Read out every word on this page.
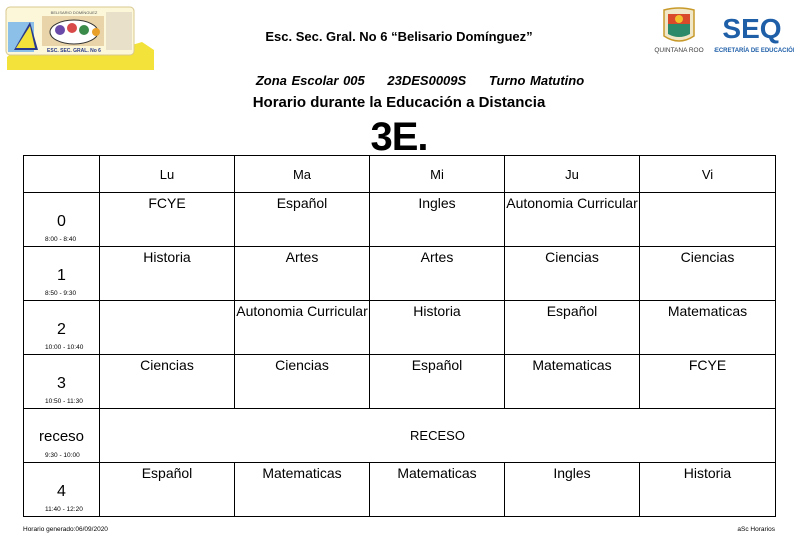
ESC. SEC. GRAL. No 6
BELISARIO DOMÍNGUEZ
QUINTANA ROO
SEQ
SECRETARÍA DE EDUCACIÓN
Esc. Sec. Gral. No 6 “Belisario Domínguez”
Zona Escolar 005 23DES0009S Turno Matutino
Horario durante la Educación a Distancia
3E.
	Lu	Ma	Mi	Ju	Vi

0
8:00 - 8:40	FCYE	Español	Ingles	Autonomia Curricular	

1
8:50 - 9:30	Historia	Artes	Artes	Ciencias	Ciencias

2
10:00 - 10:40		Autonomia Curricular	Historia	Español	Matematicas

3
10:50 - 11:30	Ciencias	Ciencias	Español	Matematicas	FCYE

receso
9:30 - 10:00	RECESO				

4
11:40 - 12:20	Español	Matematicas	Matematicas	Ingles	Historia
Horario generado:06/09/2020	aSc Horarios
